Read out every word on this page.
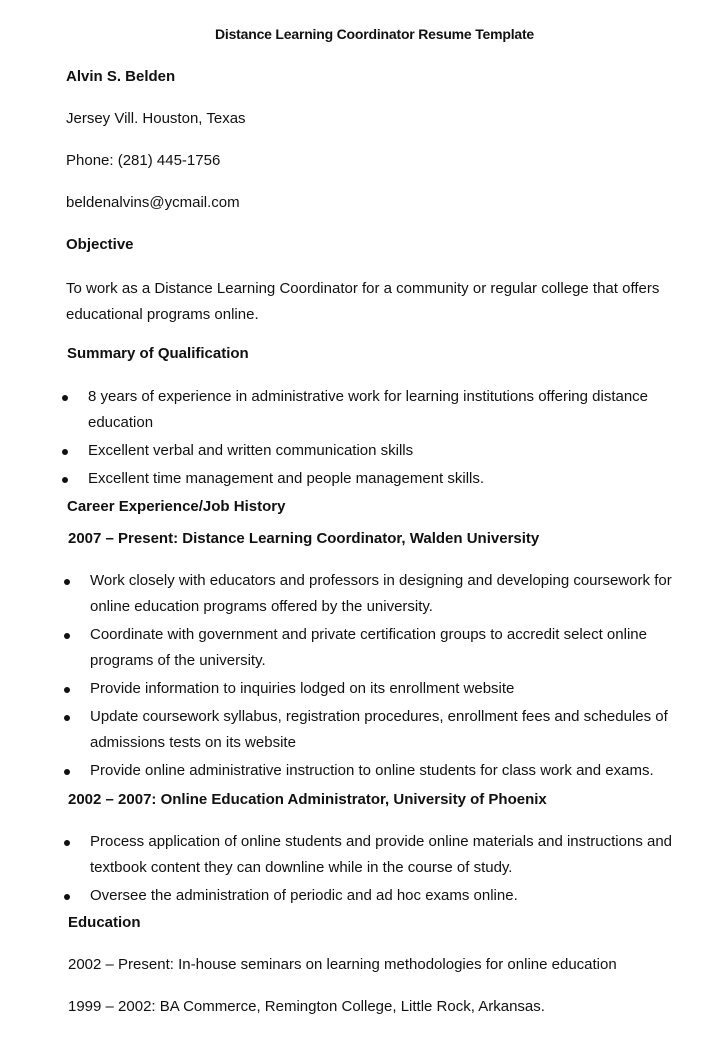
Distance Learning Coordinator Resume Template
Alvin S. Belden
Jersey Vill. Houston, Texas
Phone: (281) 445-1756
beldenalvins@ycmail.com
Objective
To work as a Distance Learning Coordinator for a community or regular college that offers educational programs online.
Summary of Qualification
8 years of experience in administrative work for learning institutions offering distance education
Excellent verbal and written communication skills
Excellent time management and people management skills.
Career Experience/Job History
2007 – Present: Distance Learning Coordinator, Walden University
Work closely with educators and professors in designing and developing coursework for online education programs offered by the university.
Coordinate with government and private certification groups to accredit select online programs of the university.
Provide information to inquiries lodged on its enrollment website
Update coursework syllabus, registration procedures, enrollment fees and schedules of admissions tests on its website
Provide online administrative instruction to online students for class work and exams.
2002 – 2007: Online Education Administrator, University of Phoenix
Process application of online students and provide online materials and instructions and textbook content they can downline while in the course of study.
Oversee the administration of periodic and ad hoc exams online.
Education
2002 – Present: In-house seminars on learning methodologies for online education
1999 – 2002: BA Commerce, Remington College, Little Rock, Arkansas.
